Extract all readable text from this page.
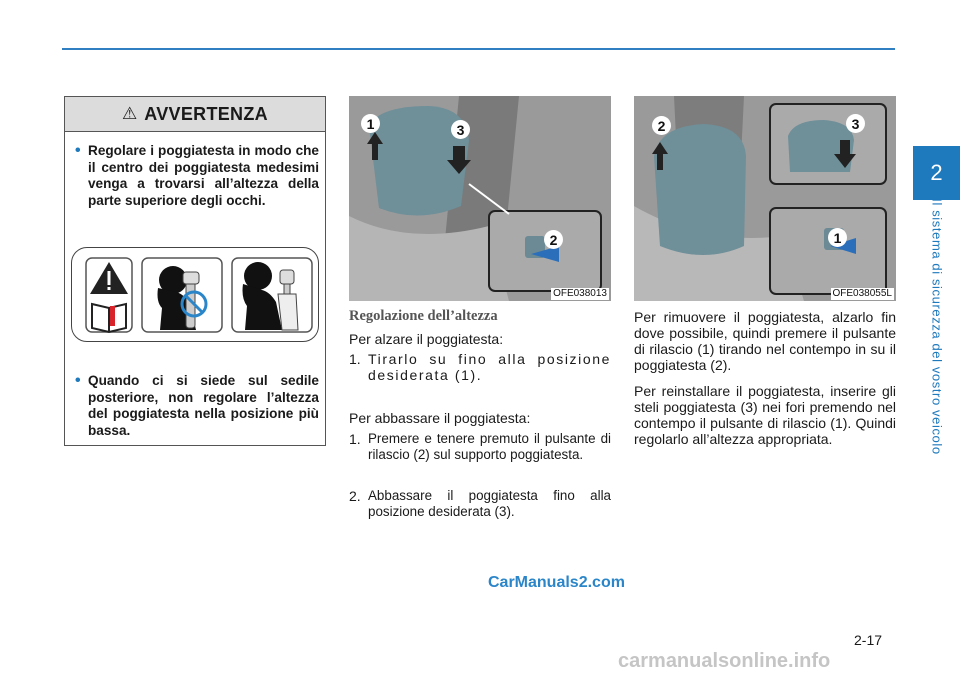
2
Il sistema di sicurezza del vostro veicolo
⚠ AVVERTENZA
• Regolare i poggiatesta in modo che il centro dei poggiatesta medesimi venga a trovarsi all’altezza della parte superiore degli occhi.
• Quando ci si siede sul sedile posteriore, non regolare l’altezza del poggiatesta nella posizione più bassa.
1	3
2
OFE038013
2	3
1
OFE038055L
Regolazione dell’altezza
Per alzare il poggiatesta:
1. Tirarlo su fino alla posizione desiderata (1).
Per abbassare il poggiatesta:
1. Premere e tenere premuto il pulsante di rilascio (2) sul supporto poggiatesta.
2. Abbassare il poggiatesta fino alla posizione desiderata (3).
Per rimuovere il poggiatesta, alzarlo fin dove possibile, quindi premere il pulsante di rilascio (1) tirando nel contempo in su il poggiatesta (2).
Per reinstallare il poggiatesta, inserire gli steli poggiatesta (3) nei fori premendo nel contempo il pulsante di rilascio (1). Quindi regolarlo all’altezza appropriata.
CarManuals2.com
2-17
carmanualsonline.info
